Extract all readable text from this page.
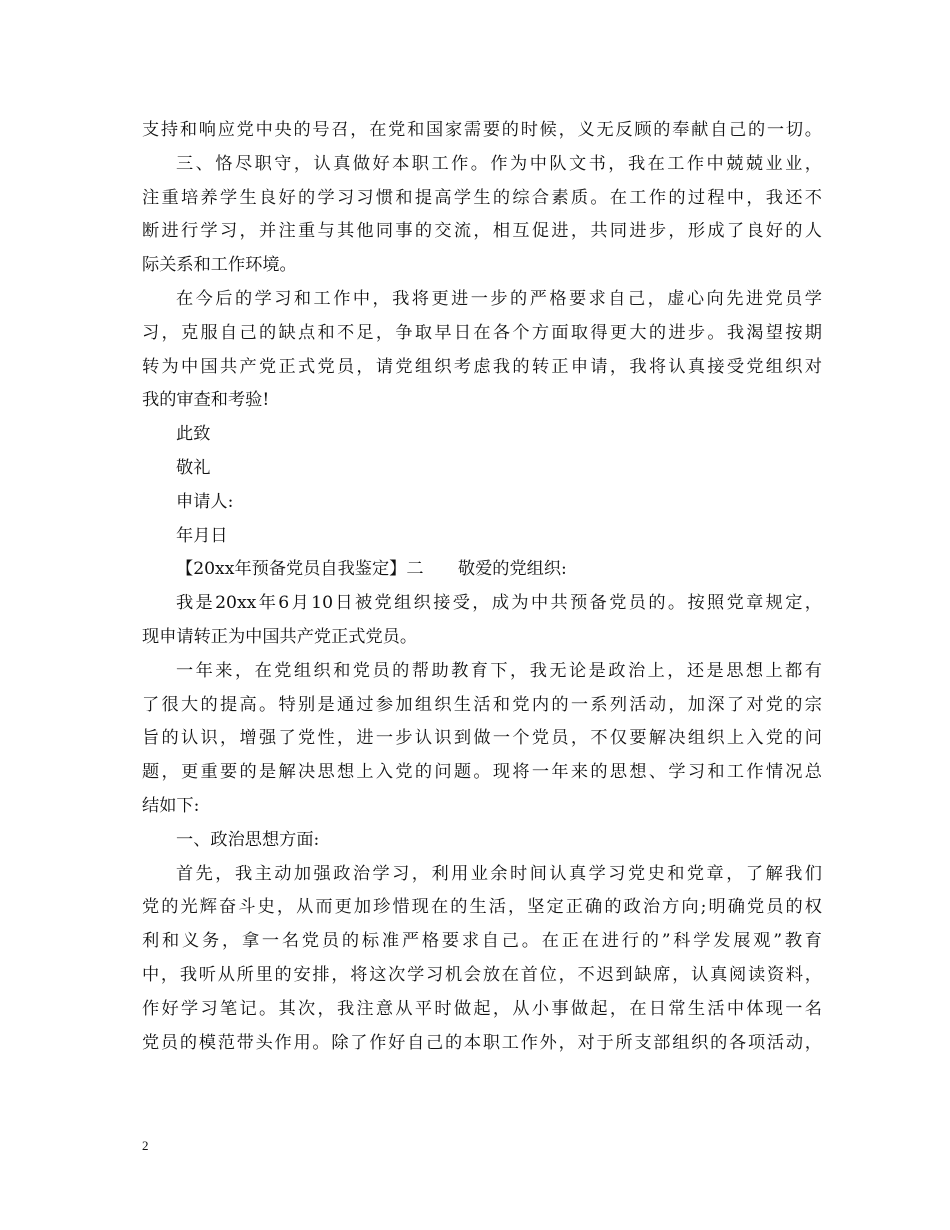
支持和响应党中央的号召，在党和国家需要的时候，义无反顾的奉献自己的一切。
三、恪尽职守，认真做好本职工作。作为中队文书，我在工作中兢兢业业，
注重培养学生良好的学习习惯和提高学生的综合素质。在工作的过程中，我还不
断进行学习，并注重与其他同事的交流，相互促进，共同进步，形成了良好的人
际关系和工作环境。
在今后的学习和工作中，我将更进一步的严格要求自己，虚心向先进党员学
习，克服自己的缺点和不足，争取早日在各个方面取得更大的进步。我渴望按期
转为中国共产党正式党员，请党组织考虑我的转正申请，我将认真接受党组织对
我的审查和考验!
此致
敬礼
申请人:
年月日
【20xx年预备党员自我鉴定】二　　敬爱的党组织:
我是20xx年6月10日被党组织接受，成为中共预备党员的。按照党章规定，
现申请转正为中国共产党正式党员。
一年来，在党组织和党员的帮助教育下，我无论是政治上，还是思想上都有
了很大的提高。特别是通过参加组织生活和党内的一系列活动，加深了对党的宗
旨的认识，增强了党性，进一步认识到做一个党员，不仅要解决组织上入党的问
题，更重要的是解决思想上入党的问题。现将一年来的思想、学习和工作情况总
结如下:
一、政治思想方面:
首先，我主动加强政治学习，利用业余时间认真学习党史和党章，了解我们
党的光辉奋斗史，从而更加珍惜现在的生活，坚定正确的政治方向;明确党员的权
利和义务，拿一名党员的标准严格要求自己。在正在进行的”科学发展观”教育
中，我听从所里的安排，将这次学习机会放在首位，不迟到缺席，认真阅读资料，
作好学习笔记。其次，我注意从平时做起，从小事做起，在日常生活中体现一名
党员的模范带头作用。除了作好自己的本职工作外，对于所支部组织的各项活动，
2
